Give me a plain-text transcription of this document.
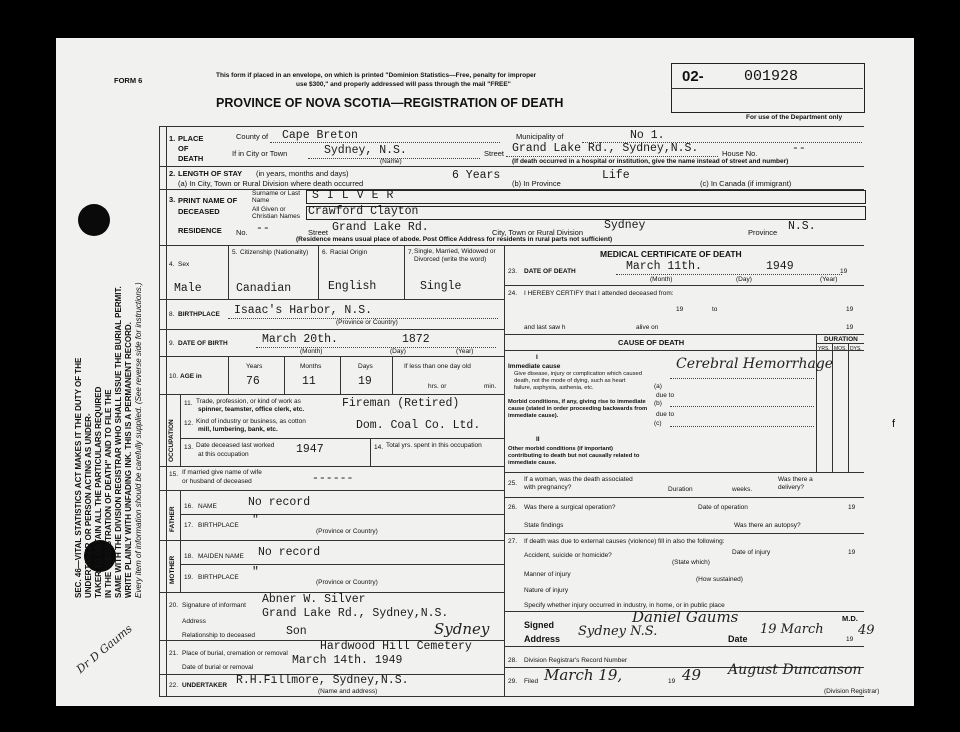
SEC. 46—VITAL STATISTICS ACT MAKES IT THE DUTY OF THE UNDERTAKER OR PERSON ACTING AS UNDER- TAKER TO OBTAIN ALL THE PARTICULARS REQUIRED IN THE "REGISTRATION OF DEATH" AND TO FILE THE SAME WITH THE DIVISION REGISTRAR WHO SHALL ISSUE THE BURIAL PERMIT. WRITE PLAINLY WITH UNFADING INK. THIS IS A PERMANENT RECORD. Every item of information should be carefully supplied. (See reverse side for instructions.)
Dr D Gaums
FORM 6
This form if placed in an envelope, on which is printed "Dominion Statistics—Free, penalty for improper
use $300," and properly addressed will pass through the mail "FREE"
PROVINCE OF NOVA SCOTIA—REGISTRATION OF DEATH
02-	001928
For use of the Department only
1. PLACE OF DEATH
County of Cape Breton	Municipality of	No 1.
If in City or Town	Sydney, N.S.
(Name)
Street Grand Lake Rd., Sydney,N.S.	House No.	--
(If death occurred in a hospital or institution, give the name instead of street and number)
2. LENGTH OF STAY (in years, months and days)
(a) In City, Town or Rural Division where death occurred
6 Years
(b) In Province
Life
(c) In Canada (if immigrant)
3. PRINT NAME OF DECEASED
Surname or Last Name	SILVER
All Given or Christian Names Crawford Clayton
RESIDENCE No. --	Street Grand Lake Rd.	City, Town or Rural Division
Sydney
Province N.S.
(Residence means usual place of abode. Post Office Address for residents in rural parts not sufficient)
4. Sex
Male
5. Citizenship (Nationality)
Canadian
6. Racial Origin
English
7. Single, Married, Widowed or Divorced (write the word)
Single
8. BIRTHPLACE Isaac's Harbor, N.S.
(Province or Country)
9. DATE OF BIRTH	March 20th.	1872
(Month)	(Day)	(Year)
10. AGE in
Years	Months	Days
76	11	19
If less than one day old
hrs. or	min.
OCCUPATION
11. Trade, profession, or kind of work as
spinner, teamster, office clerk, etc.	Fireman (Retired)
12. Kind of industry or business, as cotton
mill, lumbering, bank, etc.	Dom. Coal Co. Ltd.
13. Date deceased last worked
at this occupation	1947	14. Total yrs. spent in this occupation
15. If married give name of wife
or husband of deceased	------
FATHER
MOTHER
16. NAME	No record
17. BIRTHPLACE "
(Province or Country)
18. MAIDEN NAME No record
19. BIRTHPLACE "
(Province or Country)
20. Signature of informant Abner W. Silver
Address
Grand Lake Rd., Sydney,N.S.
Relationship to deceased	Son	Sydney
21. Place of burial, cremation or removal
Hardwood Hill Cemetery
Date of burial or removal
March 14th. 1949
22. UNDERTAKER R.H.Fillmore, Sydney,N.S.
(Name and address)
MEDICAL CERTIFICATE OF DEATH
23. DATE OF DEATH	March 11th.	1949	19
(Month)	(Day)	(Year)
24. I HEREBY CERTIFY that I attended deceased from:
19	to	19
and last saw h	alive on	19
CAUSE OF DEATH	DURATION
YRS. MOS. DYS.
I
Immediate cause
Give disease, injury or complication which caused death, not the mode of dying, such as heart failure, asphyxia, asthenia, etc.	(a)
Cerebral Hemorrhage
(b)
due to
due to
(c)
Morbid conditions, if any, giving rise to immediate cause (stated in order proceeding backwards from immediate cause).
II
Other morbid conditions (if important) contributing to death but not causally related to immediate cause.
25.
If a woman, was the death associated with pregnancy?	Duration	weeks.
Was there a delivery?
26. Was there a surgical operation?	Date of operation	19
State findings	Was there an autopsy?
27. If death was due to external causes (violence) fill in also the following:
Accident, suicide or homicide?
(State which)
Date of injury	19
Manner of injury
(How sustained)
Nature of injury
Specify whether injury occurred in industry, in home, or in public place
Signed	Daniel Gaums	M.D.
Address Sydney N.S.	Date
19 March
19
49
28. Division Registrar's Record Number
29. Filed March 19,	19 49 August Duncanson
(Division Registrar)
f
